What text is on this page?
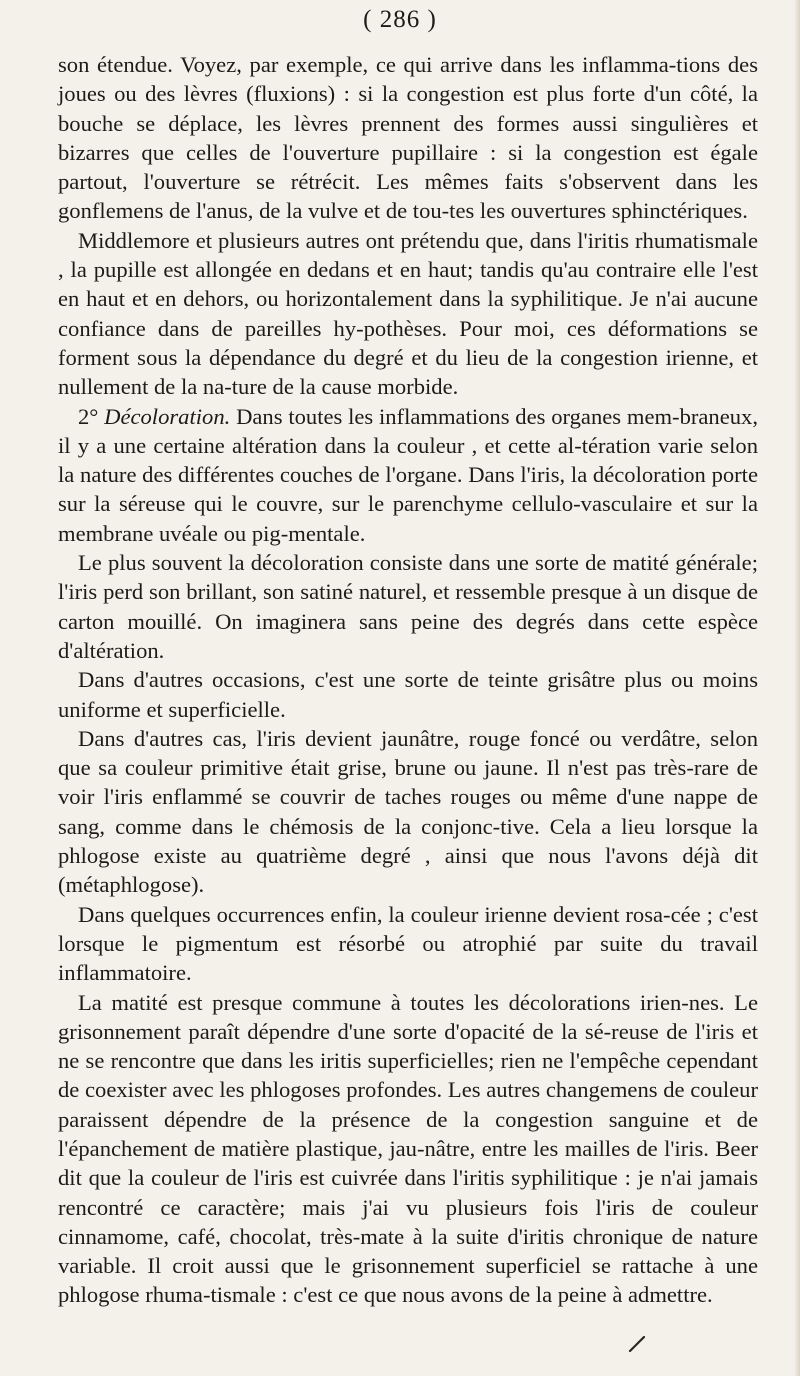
( 286 )

son étendue. Voyez, par exemple, ce qui arrive dans les inflamma-tions des joues ou des lèvres (fluxions) : si la congestion est plus forte d'un côté, la bouche se déplace, les lèvres prennent des formes aussi singulières et bizarres que celles de l'ouverture pupillaire : si la congestion est égale partout, l'ouverture se rétrécit. Les mêmes faits s'observent dans les gonflemens de l'anus, de la vulve et de tou-tes les ouvertures sphinctériques.

Middlemore et plusieurs autres ont prétendu que, dans l'iritis rhumatismale , la pupille est allongée en dedans et en haut; tandis qu'au contraire elle l'est en haut et en dehors, ou horizontalement dans la syphilitique. Je n'ai aucune confiance dans de pareilles hy-pothèses. Pour moi, ces déformations se forment sous la dépendance du degré et du lieu de la congestion irienne, et nullement de la na-ture de la cause morbide.

2° Décoloration. Dans toutes les inflammations des organes mem-braneux, il y a une certaine altération dans la couleur , et cette al-tération varie selon la nature des différentes couches de l'organe. Dans l'iris, la décoloration porte sur la séreuse qui le couvre, sur le parenchyme cellulo-vasculaire et sur la membrane uvéale ou pig-mentale.

Le plus souvent la décoloration consiste dans une sorte de matité générale; l'iris perd son brillant, son satiné naturel, et ressemble presque à un disque de carton mouillé. On imaginera sans peine des degrés dans cette espèce d'altération.

Dans d'autres occasions, c'est une sorte de teinte grisâtre plus ou moins uniforme et superficielle.

Dans d'autres cas, l'iris devient jaunâtre, rouge foncé ou verdâtre, selon que sa couleur primitive était grise, brune ou jaune. Il n'est pas très-rare de voir l'iris enflammé se couvrir de taches rouges ou même d'une nappe de sang, comme dans le chémosis de la conjonc-tive. Cela a lieu lorsque la phlogose existe au quatrième degré , ainsi que nous l'avons déjà dit (métaphlogose).

Dans quelques occurrences enfin, la couleur irienne devient rosa-cée ; c'est lorsque le pigmentum est résorbé ou atrophié par suite du travail inflammatoire.

La matité est presque commune à toutes les décolorations irien-nes. Le grisonnement paraît dépendre d'une sorte d'opacité de la sé-reuse de l'iris et ne se rencontre que dans les iritis superficielles; rien ne l'empêche cependant de coexister avec les phlogoses profondes. Les autres changemens de couleur paraissent dépendre de la présence de la congestion sanguine et de l'épanchement de matière plastique, jau-nâtre, entre les mailles de l'iris. Beer dit que la couleur de l'iris est cuivrée dans l'iritis syphilitique : je n'ai jamais rencontré ce caractère; mais j'ai vu plusieurs fois l'iris de couleur cinnamome, café, chocolat, très-mate à la suite d'iritis chronique de nature variable. Il croit aussi que le grisonnement superficiel se rattache à une phlogose rhuma-tismale : c'est ce que nous avons de la peine à admettre.
